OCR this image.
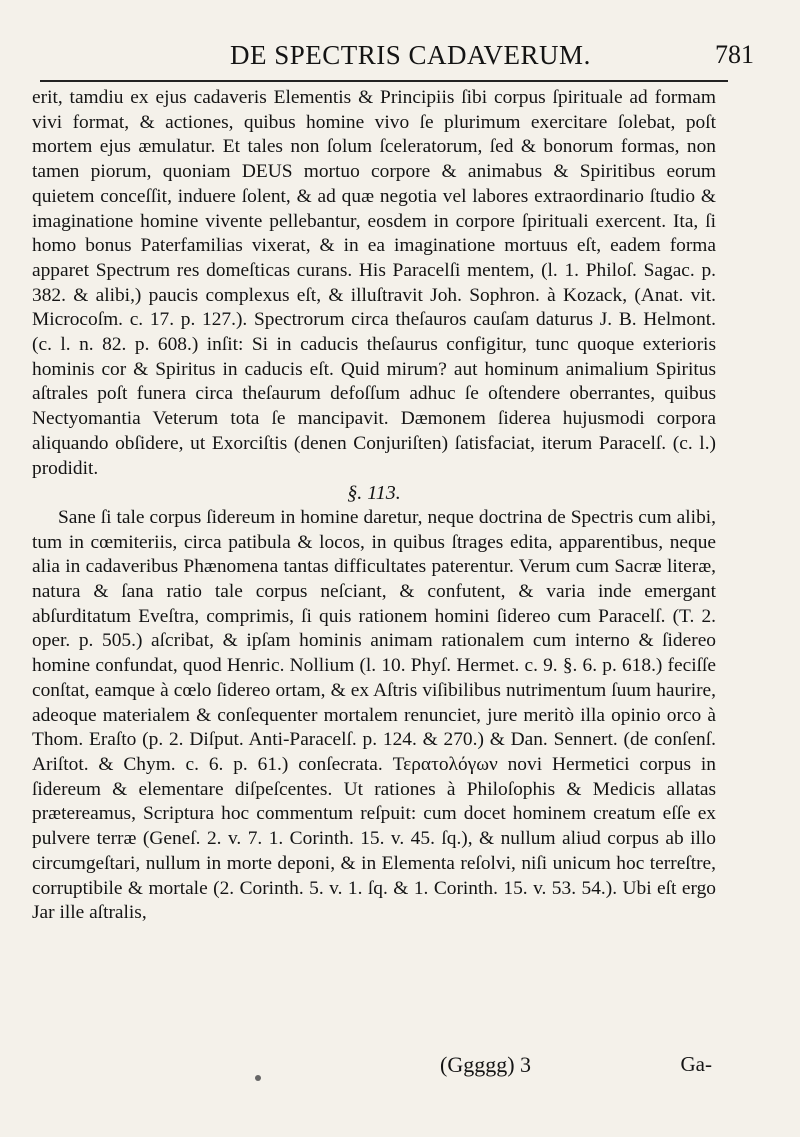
DE SPECTRIS CADAVERUM.	781

erit, tamdiu ex ejus cadaveris Elementis & Principiis ſibi corpus ſpirituale ad formam vivi format, & actiones, quibus homine vivo ſe plurimum exercitare ſolebat, poſt mortem ejus æmulatur. Et tales non ſolum ſceleratorum, ſed & bonorum formas, non tamen piorum, quoniam DEUS mortuo corpore & animabus & Spiritibus eorum quietem conceſſit, induere ſolent, & ad quæ negotia vel labores extraordinario ſtudio & imaginatione homine vivente pellebantur, eosdem in corpore ſpirituali exercent. Ita, ſi homo bonus Paterfamilias vixerat, & in ea imaginatione mortuus eſt, eadem forma apparet Spectrum res domeſticas curans. His Paracelſi mentem, (l. 1. Philoſ. Sagac. p. 382. & alibi,) paucis complexus eſt, & illuſtravit Joh. Sophron. à Kozack, (Anat. vit. Microcoſm. c. 17. p. 127.). Spectrorum circa theſauros cauſam daturus J. B. Helmont. (c. l. n. 82. p. 608.) inſit: Si in caducis theſaurus configitur, tunc quoque exterioris hominis cor & Spiritus in caducis eſt. Quid mirum? aut hominum animalium Spiritus aſtrales poſt funera circa theſaurum defoſſum adhuc ſe oſtendere oberrantes, quibus Nectyomantia Veterum tota ſe mancipavit. Dæmonem ſiderea hujusmodi corpora aliquando obſidere, ut Exorciſtis (denen Conjuriſten) ſatisfaciat, iterum Paracelſ. (c. l.) prodidit.

§. 113.

Sane ſi tale corpus ſidereum in homine daretur, neque doctrina de Spectris cum alibi, tum in cœmiteriis, circa patibula & locos, in quibus ſtrages edita, apparentibus, neque alia in cadaveribus Phænomena tantas difficultates paterentur. Verum cum Sacræ literæ, natura & ſana ratio tale corpus neſciant, & confutent, & varia inde emergant abſurditatum Eveſtra, comprimis, ſi quis rationem homini ſidereo cum Paracelſ. (T. 2. oper. p. 505.) aſcribat, & ipſam hominis animam rationalem cum interno & ſidereo homine confundat, quod Henric. Nollium (l. 10. Phyſ. Hermet. c. 9. §. 6. p. 618.) feciſſe conſtat, eamque à cœlo ſidereo ortam, & ex Aſtris viſibilibus nutrimentum ſuum haurire, adeoque materialem & conſequenter mortalem renunciet, jure meritò illa opinio orco à Thom. Eraſto (p. 2. Diſput. Anti-Paracelſ. p. 124. & 270.) & Dan. Sennert. (de conſenſ. Ariſtot. & Chym. c. 6. p. 61.) conſecrata. Τερατολόγων novi Hermetici corpus in ſidereum & elementare diſpeſcentes. Ut rationes à Philoſophis & Medicis allatas prætereamus, Scriptura hoc commentum reſpuit: cum docet hominem creatum eſſe ex pulvere terræ (Geneſ. 2. v. 7. 1. Corinth. 15. v. 45. ſq.), & nullum aliud corpus ab illo circumgeſtari, nullum in morte deponi, & in Elementa reſolvi, niſi unicum hoc terreſtre, corruptibile & mortale (2. Corinth. 5. v. 1. ſq. & 1. Corinth. 15. v. 53. 54.). Ubi eſt ergo Jar ille aſtralis,

(Ggggg) 3	Ga-
